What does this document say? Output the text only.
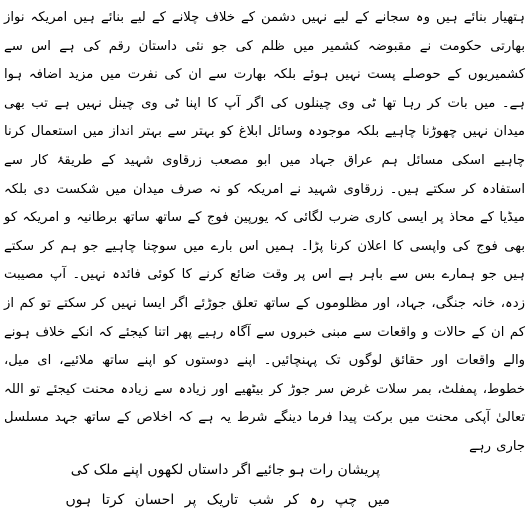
ہتھیار بنائے ہیں وہ سجانے کے لیے نہیں دشمن کے خلاف چلانے کے لیے بنائے ہیں امریکہ نواز بھارتی حکومت نے مقبوضہ کشمیر میں ظلم کی جو نئی داستان رقم کی ہے اس سے کشمیریوں کے حوصلے پست نہیں ہوئے بلکہ بھارت سے ان کی نفرت میں مزید اضافہ ہوا ہے۔ میں بات کر رہا تھا ٹی وی چینلوں کی اگر آپ کا اپنا ٹی وی چینل نہیں ہے تب بھی میدان نہیں چھوڑنا چاہیے بلکہ موجودہ وسائل ابلاغ کو بہتر سے بہتر انداز میں استعمال کرنا چاہیے اسکی مسائل ہم عراق جہاد میں ابو مصعب زرقاوی شہید کے طریقۂ کار سے استفادہ کر سکتے ہیں۔ زرقاوی شہید نے امریکہ کو نہ صرف میدان میں شکست دی بلکہ میڈیا کے محاذ پر ایسی کاری ضرب لگائی کہ یورپین فوج کے ساتھ ساتھ برطانیہ و امریکہ کو بھی فوج کی واپسی کا اعلان کرنا پڑا۔ ہمیں اس بارے میں سوچنا چاہیے جو ہم کر سکتے ہیں جو ہمارے بس سے باہر ہے اس پر وقت ضائع کرنے کا کوئی فائدہ نہیں۔ آپ مصیبت زدہ، خانہ جنگی، جہاد، اور مظلوموں کے ساتھ تعلق جوڑئے اگر ایسا نہیں کر سکتے تو کم از کم ان کے حالات و واقعات سے مبنی خبروں سے آگاہ رہیے پھر اتنا کیجئے کہ انکے خلاف ہونے والے واقعات اور حقائق لوگوں تک پہنچائیں۔ اپنے دوستوں کو اپنے ساتھ ملائیے، ای میل، خطوط، پمفلٹ، بمر سلات غرض سر جوڑ کر بیٹھیے اور زیادہ سے زیادہ محنت کیجئے تو اللہ تعالیٰ آپکی محنت میں برکت پیدا فرما دینگے شرط یہ ہے کہ اخلاص کے ساتھ جہد مسلسل جاری رہے

پریشان رات ہو جائیے اگر داستاں لکھوں اپنے ملک کی

میں چپ رہ کر شب تاریک پر احسان کرتا ہوں
